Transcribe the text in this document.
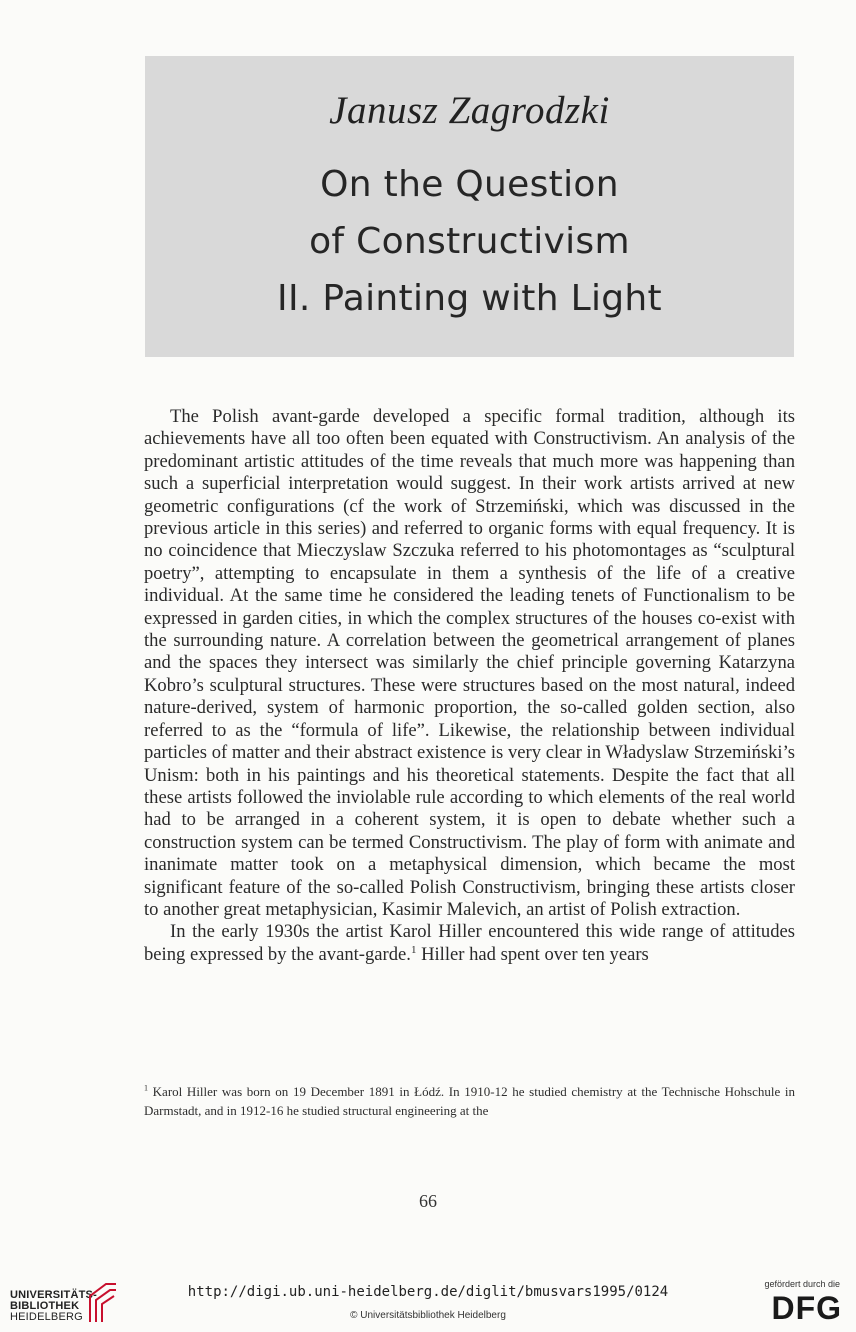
Janusz Zagrodzki
On the Question
of Constructivism
II. Painting with Light

The Polish avant-garde developed a specific formal tradition, although its achievements have all too often been equated with Constructivism. An analysis of the predominant artistic attitudes of the time reveals that much more was happening than such a superficial interpretation would suggest. In their work artists arrived at new geometric configurations (cf the work of Strzemiński, which was discussed in the previous article in this series) and referred to organic forms with equal frequency. It is no coincidence that Mieczyslaw Szczuka referred to his photomontages as “sculptural poetry”, attempting to encapsulate in them a synthesis of the life of a creative individual. At the same time he considered the leading tenets of Functionalism to be expressed in garden cities, in which the complex structures of the houses co-exist with the surrounding nature. A correlation between the geometrical arrangement of planes and the spaces they intersect was similarly the chief principle governing Katarzyna Kobro’s sculptural structures. These were structures based on the most natural, indeed nature-derived, system of harmonic proportion, the so-called golden section, also referred to as the “formula of life”. Likewise, the relationship between individual particles of matter and their abstract existence is very clear in Władyslaw Strzemiński’s Unism: both in his paintings and his theoretical statements. Despite the fact that all these artists followed the inviolable rule according to which elements of the real world had to be arranged in a coherent system, it is open to debate whether such a construction system can be termed Constructivism. The play of form with animate and inanimate matter took on a metaphysical dimension, which became the most significant feature of the so-called Polish Constructivism, bringing these artists closer to another great metaphysician, Kasimir Malevich, an artist of Polish extraction.

In the early 1930s the artist Karol Hiller encountered this wide range of attitudes being expressed by the avant-garde.$^1$ Hiller had spent over ten years

$^1$ Karol Hiller was born on 19 December 1891 in Łódź. In 1910-12 he studied chemistry at the Technische Hohschule in Darmstadt, and in 1912-16 he studied structural engineering at the
66
UNIVERSITÄTS-
BIBLIOTHEK
HEIDELBERG
http://digi.ub.uni-heidelberg.de/diglit/bmusvars1995/0124
© Universitätsbibliothek Heidelberg
gefördert durch die
DFG
